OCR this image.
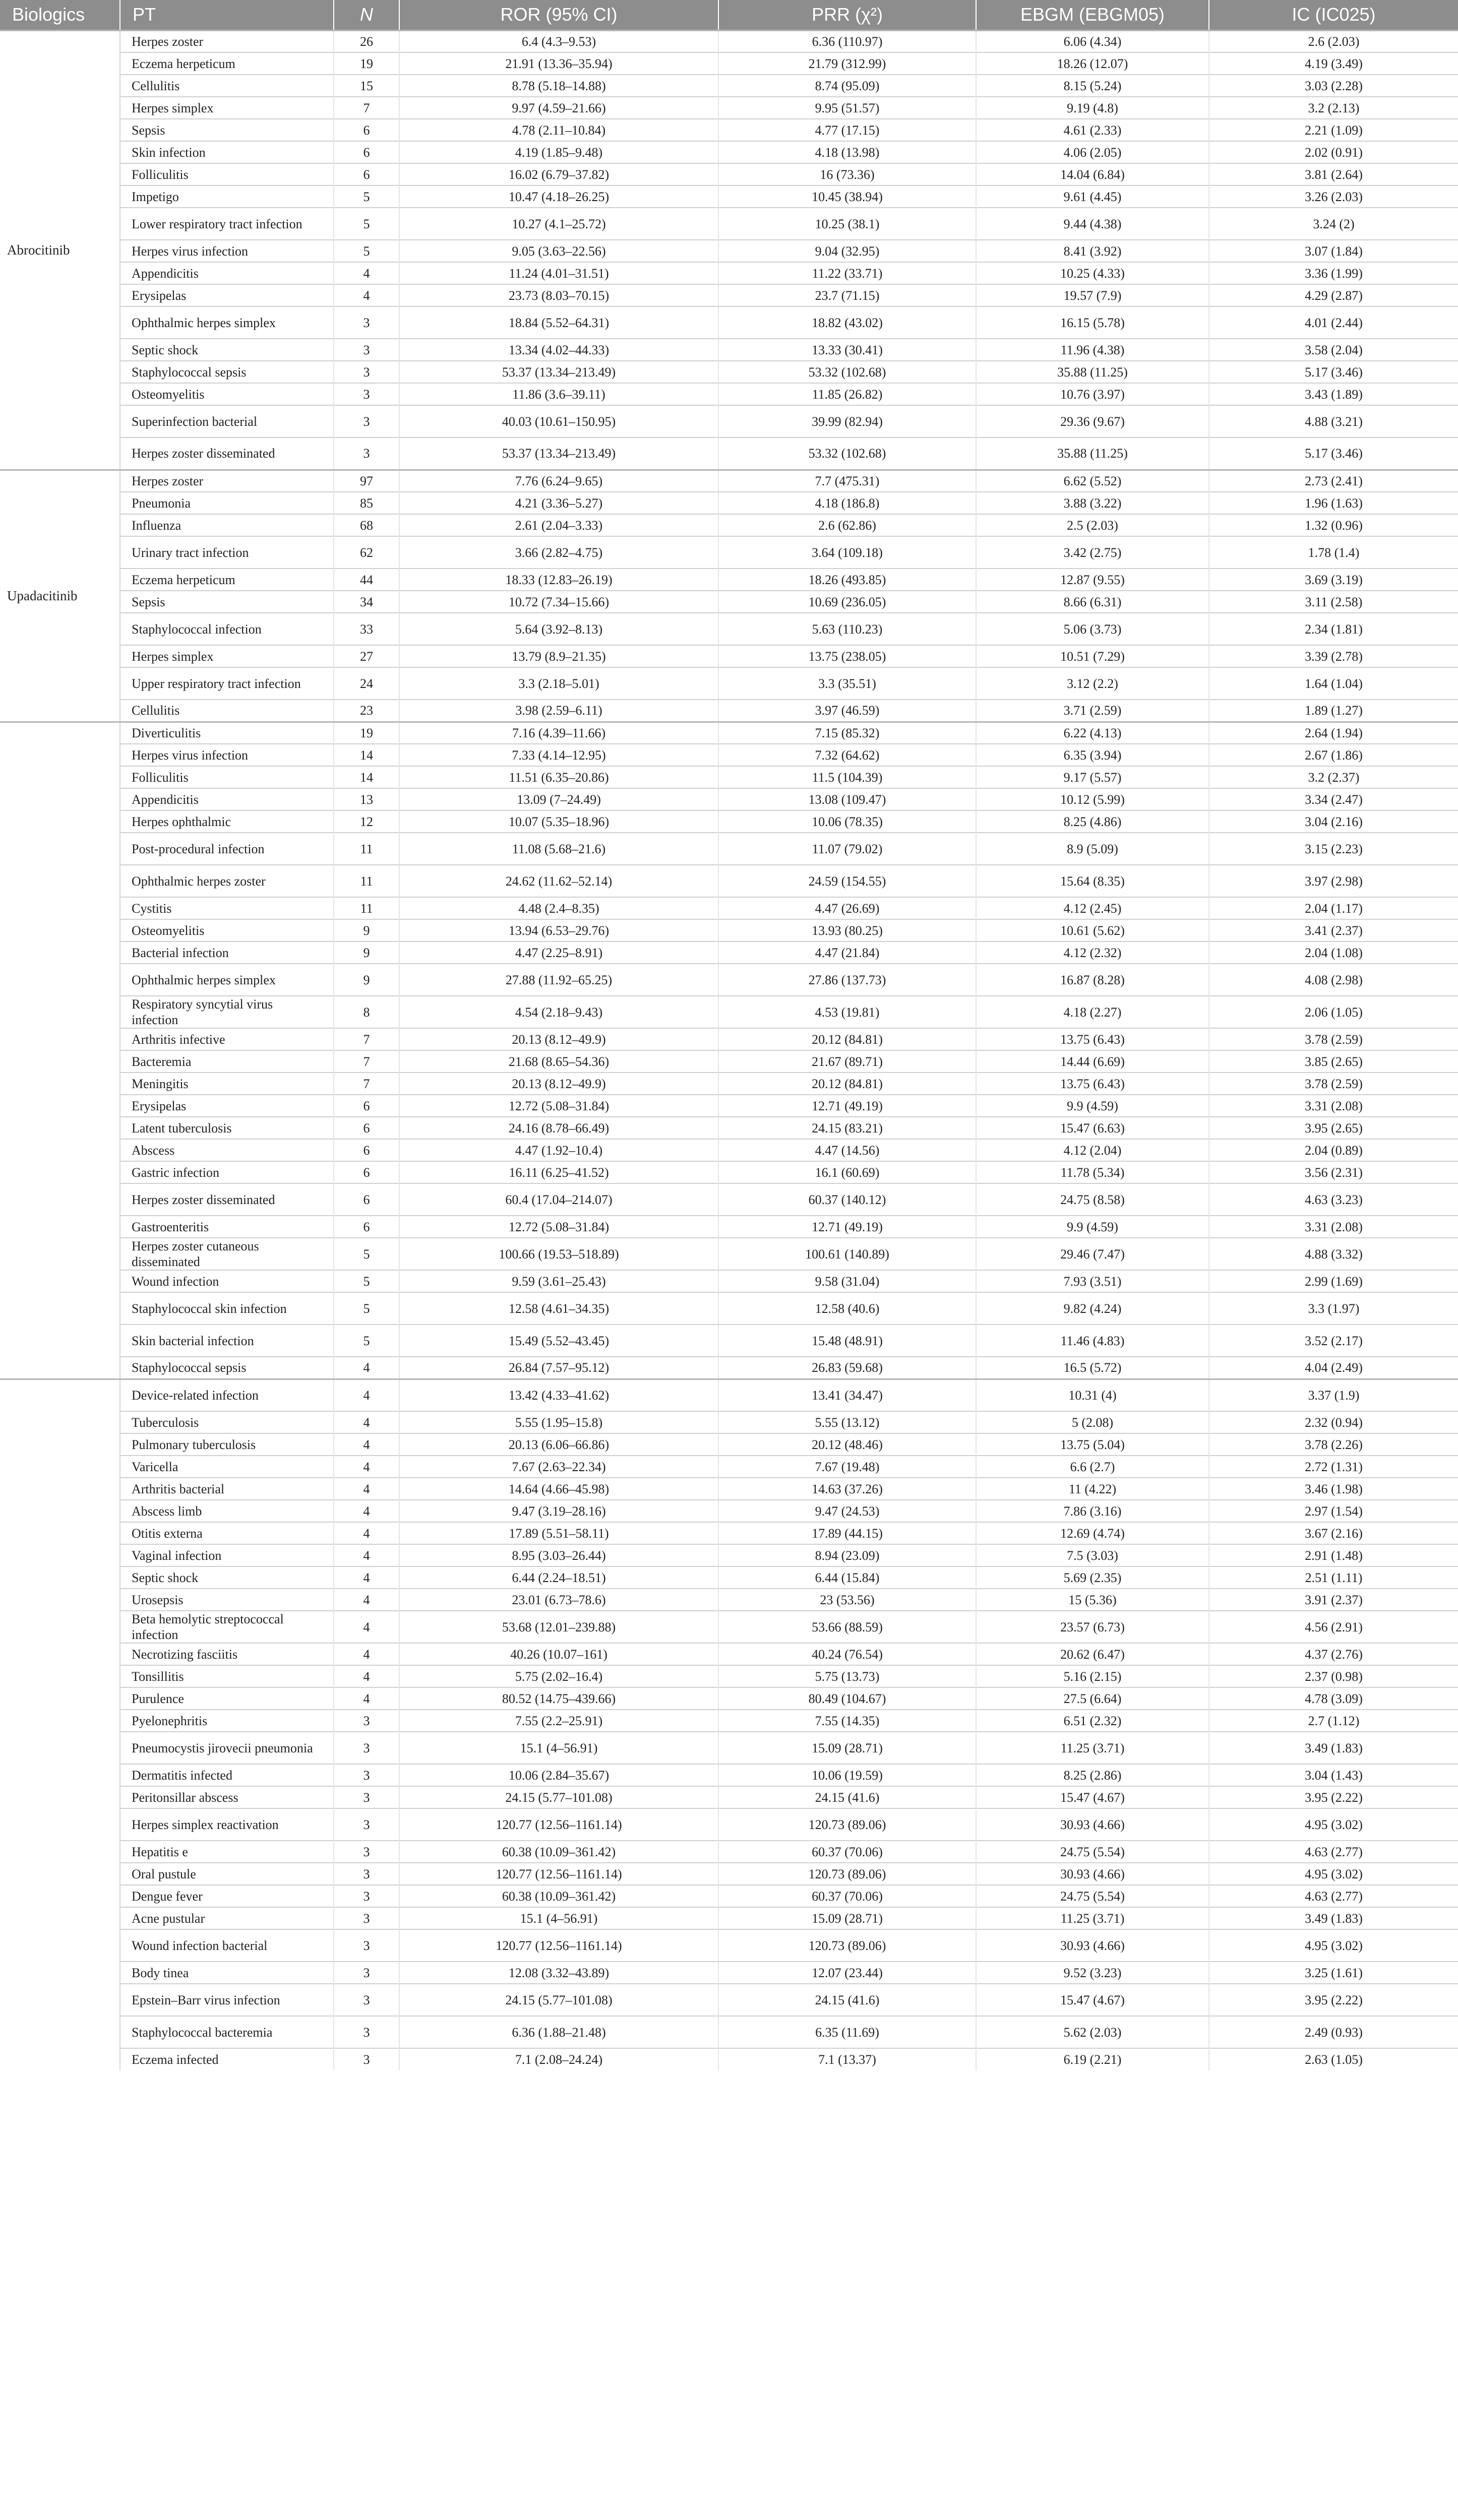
Biologics	PT	N	ROR (95% CI)	PRR (χ²)	EBGM (EBGM05)	IC (IC025)
Abrocitinib	Herpes zoster	26	6.4 (4.3–9.53)	6.36 (110.97)	6.06 (4.34)	2.6 (2.03)
	Eczema herpeticum	19	21.91 (13.36–35.94)	21.79 (312.99)	18.26 (12.07)	4.19 (3.49)
	Cellulitis	15	8.78 (5.18–14.88)	8.74 (95.09)	8.15 (5.24)	3.03 (2.28)
	Herpes simplex	7	9.97 (4.59–21.66)	9.95 (51.57)	9.19 (4.8)	3.2 (2.13)
	Sepsis	6	4.78 (2.11–10.84)	4.77 (17.15)	4.61 (2.33)	2.21 (1.09)
	Skin infection	6	4.19 (1.85–9.48)	4.18 (13.98)	4.06 (2.05)	2.02 (0.91)
	Folliculitis	6	16.02 (6.79–37.82)	16 (73.36)	14.04 (6.84)	3.81 (2.64)
	Impetigo	5	10.47 (4.18–26.25)	10.45 (38.94)	9.61 (4.45)	3.26 (2.03)
	Lower respiratory tract infection	5	10.27 (4.1–25.72)	10.25 (38.1)	9.44 (4.38)	3.24 (2)
	Herpes virus infection	5	9.05 (3.63–22.56)	9.04 (32.95)	8.41 (3.92)	3.07 (1.84)
	Appendicitis	4	11.24 (4.01–31.51)	11.22 (33.71)	10.25 (4.33)	3.36 (1.99)
	Erysipelas	4	23.73 (8.03–70.15)	23.7 (71.15)	19.57 (7.9)	4.29 (2.87)
	Ophthalmic herpes simplex	3	18.84 (5.52–64.31)	18.82 (43.02)	16.15 (5.78)	4.01 (2.44)
	Septic shock	3	13.34 (4.02–44.33)	13.33 (30.41)	11.96 (4.38)	3.58 (2.04)
	Staphylococcal sepsis	3	53.37 (13.34–213.49)	53.32 (102.68)	35.88 (11.25)	5.17 (3.46)
	Osteomyelitis	3	11.86 (3.6–39.11)	11.85 (26.82)	10.76 (3.97)	3.43 (1.89)
	Superinfection bacterial	3	40.03 (10.61–150.95)	39.99 (82.94)	29.36 (9.67)	4.88 (3.21)
	Herpes zoster disseminated	3	53.37 (13.34–213.49)	53.32 (102.68)	35.88 (11.25)	5.17 (3.46)
Upadacitinib	Herpes zoster	97	7.76 (6.24–9.65)	7.7 (475.31)	6.62 (5.52)	2.73 (2.41)
	Pneumonia	85	4.21 (3.36–5.27)	4.18 (186.8)	3.88 (3.22)	1.96 (1.63)
	Influenza	68	2.61 (2.04–3.33)	2.6 (62.86)	2.5 (2.03)	1.32 (0.96)
	Urinary tract infection	62	3.66 (2.82–4.75)	3.64 (109.18)	3.42 (2.75)	1.78 (1.4)
	Eczema herpeticum	44	18.33 (12.83–26.19)	18.26 (493.85)	12.87 (9.55)	3.69 (3.19)
	Sepsis	34	10.72 (7.34–15.66)	10.69 (236.05)	8.66 (6.31)	3.11 (2.58)
	Staphylococcal infection	33	5.64 (3.92–8.13)	5.63 (110.23)	5.06 (3.73)	2.34 (1.81)
	Herpes simplex	27	13.79 (8.9–21.35)	13.75 (238.05)	10.51 (7.29)	3.39 (2.78)
	Upper respiratory tract infection	24	3.3 (2.18–5.01)	3.3 (35.51)	3.12 (2.2)	1.64 (1.04)
	Cellulitis	23	3.98 (2.59–6.11)	3.97 (46.59)	3.71 (2.59)	1.89 (1.27)
	Diverticulitis	19	7.16 (4.39–11.66)	7.15 (85.32)	6.22 (4.13)	2.64 (1.94)
	Herpes virus infection	14	7.33 (4.14–12.95)	7.32 (64.62)	6.35 (3.94)	2.67 (1.86)
	Folliculitis	14	11.51 (6.35–20.86)	11.5 (104.39)	9.17 (5.57)	3.2 (2.37)
	Appendicitis	13	13.09 (7–24.49)	13.08 (109.47)	10.12 (5.99)	3.34 (2.47)
	Herpes ophthalmic	12	10.07 (5.35–18.96)	10.06 (78.35)	8.25 (4.86)	3.04 (2.16)
	Post-procedural infection	11	11.08 (5.68–21.6)	11.07 (79.02)	8.9 (5.09)	3.15 (2.23)
	Ophthalmic herpes zoster	11	24.62 (11.62–52.14)	24.59 (154.55)	15.64 (8.35)	3.97 (2.98)
	Cystitis	11	4.48 (2.4–8.35)	4.47 (26.69)	4.12 (2.45)	2.04 (1.17)
	Osteomyelitis	9	13.94 (6.53–29.76)	13.93 (80.25)	10.61 (5.62)	3.41 (2.37)
	Bacterial infection	9	4.47 (2.25–8.91)	4.47 (21.84)	4.12 (2.32)	2.04 (1.08)
	Ophthalmic herpes simplex	9	27.88 (11.92–65.25)	27.86 (137.73)	16.87 (8.28)	4.08 (2.98)
	Respiratory syncytial virus infection	8	4.54 (2.18–9.43)	4.53 (19.81)	4.18 (2.27)	2.06 (1.05)
	Arthritis infective	7	20.13 (8.12–49.9)	20.12 (84.81)	13.75 (6.43)	3.78 (2.59)
	Bacteremia	7	21.68 (8.65–54.36)	21.67 (89.71)	14.44 (6.69)	3.85 (2.65)
	Meningitis	7	20.13 (8.12–49.9)	20.12 (84.81)	13.75 (6.43)	3.78 (2.59)
	Erysipelas	6	12.72 (5.08–31.84)	12.71 (49.19)	9.9 (4.59)	3.31 (2.08)
	Latent tuberculosis	6	24.16 (8.78–66.49)	24.15 (83.21)	15.47 (6.63)	3.95 (2.65)
	Abscess	6	4.47 (1.92–10.4)	4.47 (14.56)	4.12 (2.04)	2.04 (0.89)
	Gastric infection	6	16.11 (6.25–41.52)	16.1 (60.69)	11.78 (5.34)	3.56 (2.31)
	Herpes zoster disseminated	6	60.4 (17.04–214.07)	60.37 (140.12)	24.75 (8.58)	4.63 (3.23)
	Gastroenteritis	6	12.72 (5.08–31.84)	12.71 (49.19)	9.9 (4.59)	3.31 (2.08)
	Herpes zoster cutaneous disseminated	5	100.66 (19.53–518.89)	100.61 (140.89)	29.46 (7.47)	4.88 (3.32)
	Wound infection	5	9.59 (3.61–25.43)	9.58 (31.04)	7.93 (3.51)	2.99 (1.69)
	Staphylococcal skin infection	5	12.58 (4.61–34.35)	12.58 (40.6)	9.82 (4.24)	3.3 (1.97)
	Skin bacterial infection	5	15.49 (5.52–43.45)	15.48 (48.91)	11.46 (4.83)	3.52 (2.17)
	Staphylococcal sepsis	4	26.84 (7.57–95.12)	26.83 (59.68)	16.5 (5.72)	4.04 (2.49)
	Device-related infection	4	13.42 (4.33–41.62)	13.41 (34.47)	10.31 (4)	3.37 (1.9)
	Tuberculosis	4	5.55 (1.95–15.8)	5.55 (13.12)	5 (2.08)	2.32 (0.94)
	Pulmonary tuberculosis	4	20.13 (6.06–66.86)	20.12 (48.46)	13.75 (5.04)	3.78 (2.26)
	Varicella	4	7.67 (2.63–22.34)	7.67 (19.48)	6.6 (2.7)	2.72 (1.31)
	Arthritis bacterial	4	14.64 (4.66–45.98)	14.63 (37.26)	11 (4.22)	3.46 (1.98)
	Abscess limb	4	9.47 (3.19–28.16)	9.47 (24.53)	7.86 (3.16)	2.97 (1.54)
	Otitis externa	4	17.89 (5.51–58.11)	17.89 (44.15)	12.69 (4.74)	3.67 (2.16)
	Vaginal infection	4	8.95 (3.03–26.44)	8.94 (23.09)	7.5 (3.03)	2.91 (1.48)
	Septic shock	4	6.44 (2.24–18.51)	6.44 (15.84)	5.69 (2.35)	2.51 (1.11)
	Urosepsis	4	23.01 (6.73–78.6)	23 (53.56)	15 (5.36)	3.91 (2.37)
	Beta hemolytic streptococcal infection	4	53.68 (12.01–239.88)	53.66 (88.59)	23.57 (6.73)	4.56 (2.91)
	Necrotizing fasciitis	4	40.26 (10.07–161)	40.24 (76.54)	20.62 (6.47)	4.37 (2.76)
	Tonsillitis	4	5.75 (2.02–16.4)	5.75 (13.73)	5.16 (2.15)	2.37 (0.98)
	Purulence	4	80.52 (14.75–439.66)	80.49 (104.67)	27.5 (6.64)	4.78 (3.09)
	Pyelonephritis	3	7.55 (2.2–25.91)	7.55 (14.35)	6.51 (2.32)	2.7 (1.12)
	Pneumocystis jirovecii pneumonia	3	15.1 (4–56.91)	15.09 (28.71)	11.25 (3.71)	3.49 (1.83)
	Dermatitis infected	3	10.06 (2.84–35.67)	10.06 (19.59)	8.25 (2.86)	3.04 (1.43)
	Peritonsillar abscess	3	24.15 (5.77–101.08)	24.15 (41.6)	15.47 (4.67)	3.95 (2.22)
	Herpes simplex reactivation	3	120.77 (12.56–1161.14)	120.73 (89.06)	30.93 (4.66)	4.95 (3.02)
	Hepatitis e	3	60.38 (10.09–361.42)	60.37 (70.06)	24.75 (5.54)	4.63 (2.77)
	Oral pustule	3	120.77 (12.56–1161.14)	120.73 (89.06)	30.93 (4.66)	4.95 (3.02)
	Dengue fever	3	60.38 (10.09–361.42)	60.37 (70.06)	24.75 (5.54)	4.63 (2.77)
	Acne pustular	3	15.1 (4–56.91)	15.09 (28.71)	11.25 (3.71)	3.49 (1.83)
	Wound infection bacterial	3	120.77 (12.56–1161.14)	120.73 (89.06)	30.93 (4.66)	4.95 (3.02)
	Body tinea	3	12.08 (3.32–43.89)	12.07 (23.44)	9.52 (3.23)	3.25 (1.61)
	Epstein–Barr virus infection	3	24.15 (5.77–101.08)	24.15 (41.6)	15.47 (4.67)	3.95 (2.22)
	Staphylococcal bacteremia	3	6.36 (1.88–21.48)	6.35 (11.69)	5.62 (2.03)	2.49 (0.93)
	Eczema infected	3	7.1 (2.08–24.24)	7.1 (13.37)	6.19 (2.21)	2.63 (1.05)
